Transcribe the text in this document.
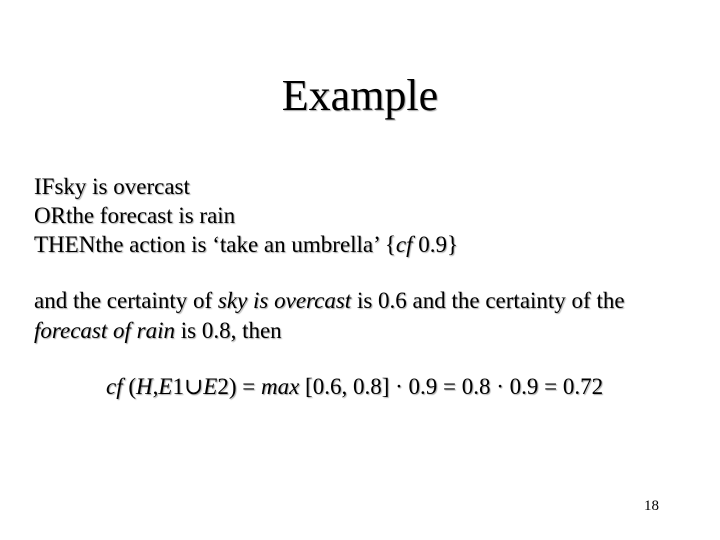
Example
IFsky is overcast
ORthe forecast is rain
THENthe action is ‘take an umbrella’ {cf 0.9}
and the certainty of sky is overcast is 0.6 and the certainty of the forecast of rain is 0.8, then
cf (H,E1∪E2) = max [0.6, 0.8] · 0.9 = 0.8 · 0.9 = 0.72
18
